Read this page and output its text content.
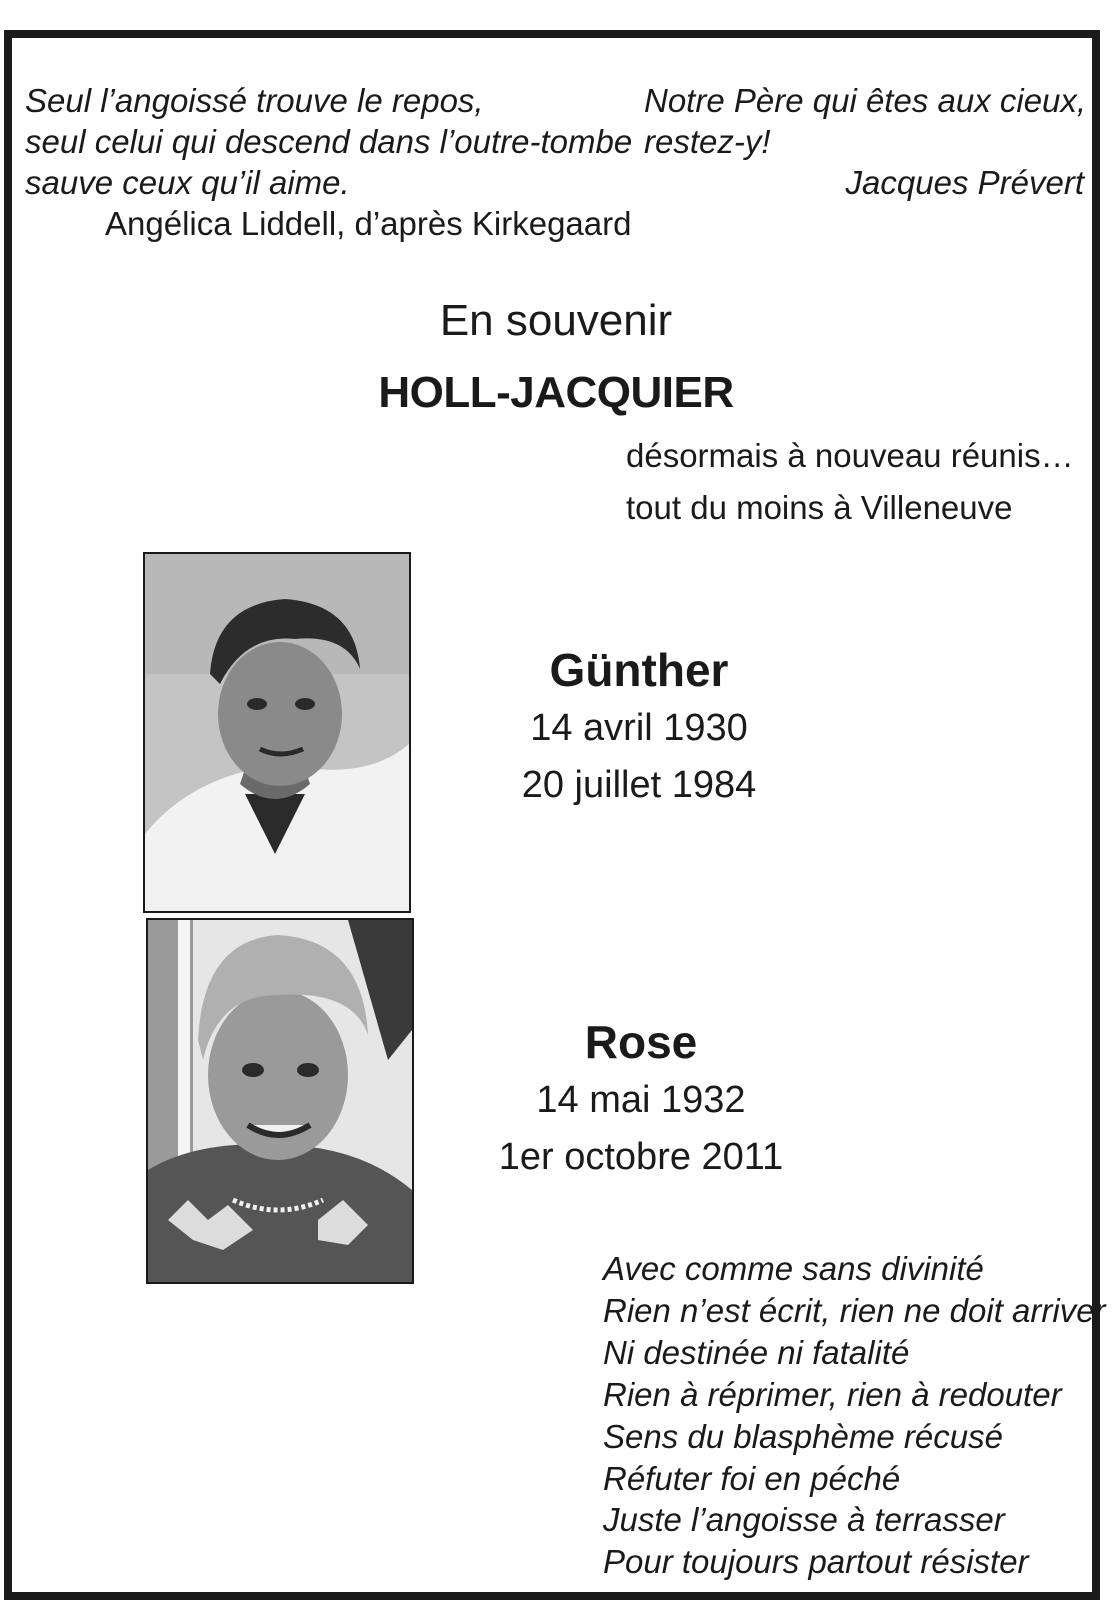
Seul l’angoissé trouve le repos,
seul celui qui descend dans l’outre-tombe
sauve ceux qu’il aime.
Angélica Liddell, d’après Kirkegaard
Notre Père qui êtes aux cieux,
restez-y!
Jacques Prévert
En souvenir
HOLL-JACQUIER
désormais à nouveau réunis…
tout du moins à Villeneuve
Günther
14 avril 1930
20 juillet 1984
Rose
14 mai 1932
1er octobre 2011
Avec comme sans divinité
Rien n’est écrit, rien ne doit arriver
Ni destinée ni fatalité
Rien à réprimer, rien à redouter
Sens du blasphème récusé
Réfuter foi en péché
Juste l’angoisse à terrasser
Pour toujours partout résister
